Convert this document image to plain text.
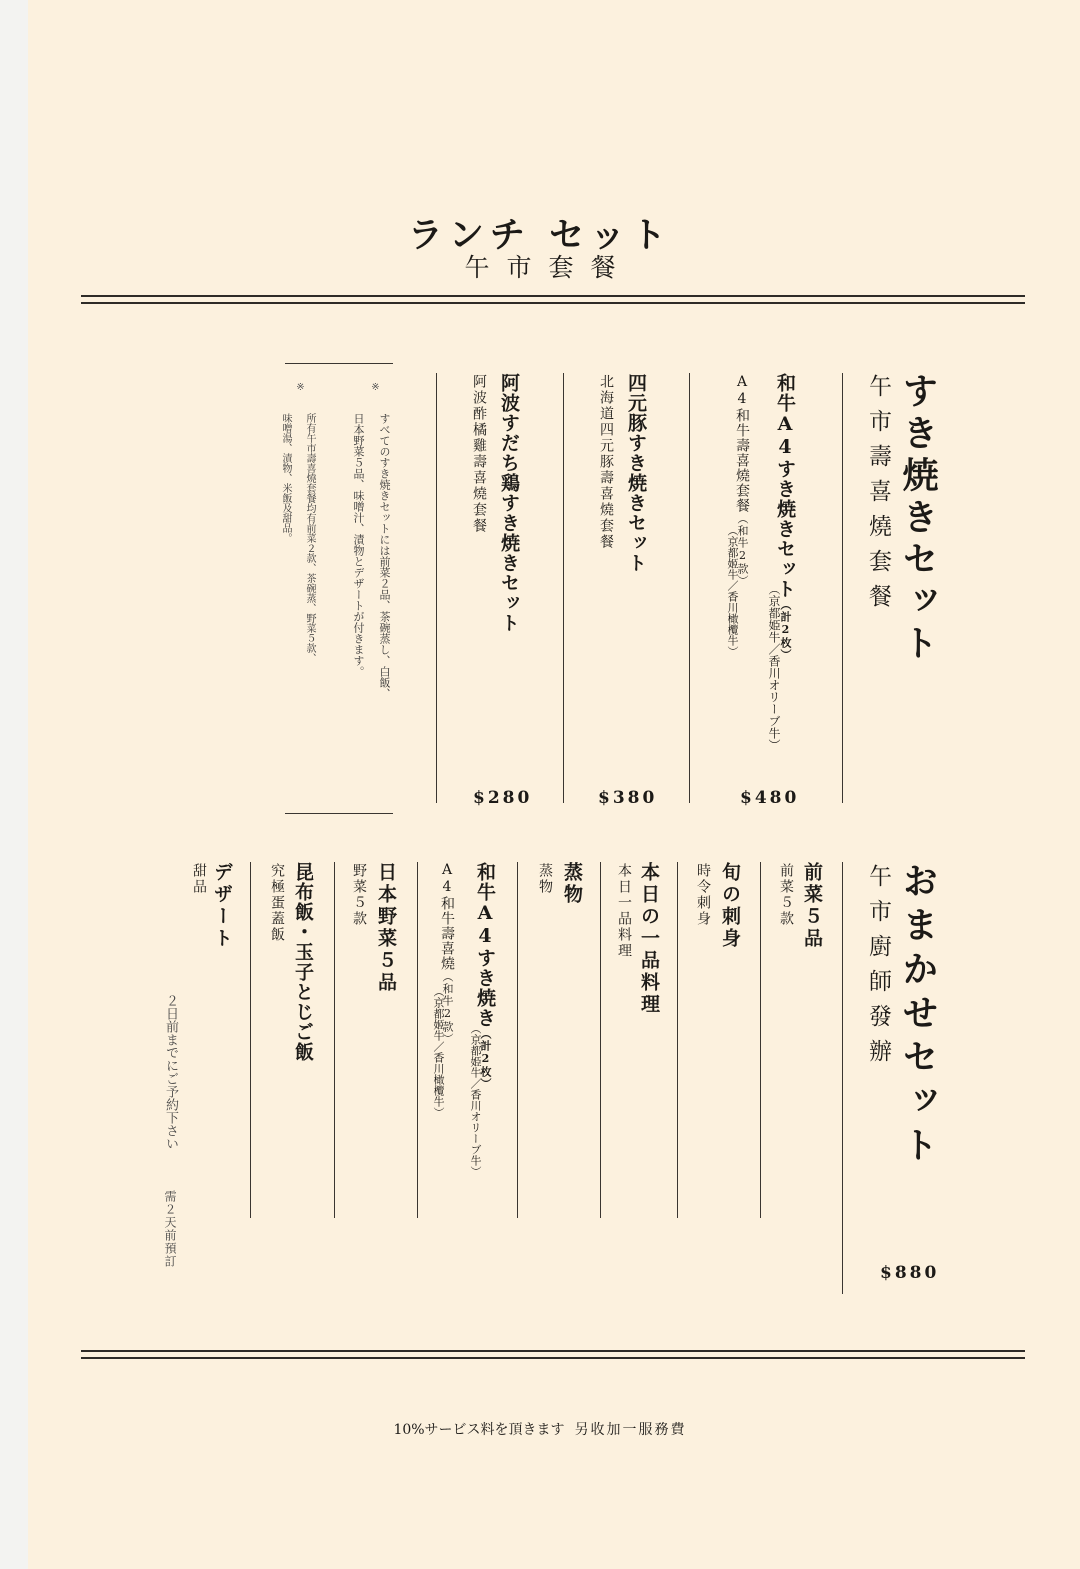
ランチ セット
午市套餐
すき焼きセット
午市壽喜燒套餐
和牛A4すき焼きセット（計2枚）
（京都姫牛／香川オリーブ牛）
A4和牛壽喜燒套餐（和牛2款）
（京都姬牛／香川橄欖牛）
$480
四元豚すき焼きセット
北海道四元豚壽喜燒套餐
$380
阿波すだち鶏すき焼きセット
阿波酢橘雞壽喜燒套餐
$280
※
すべてのすき焼きセットには前菜２品、茶碗蒸し、白飯、
日本野菜５品、味噌汁、漬物とデザートが付きます。
※
所有午市壽喜燒套餐均有前菜２款、茶碗蒸、野菜５款、
味噌湯、漬物、米飯及甜品。
おまかせセット
午市廚師發辦
$880
前菜５品
前菜５款
旬の刺身
時令刺身
本日の一品料理
本日一品料理
蒸物
蒸物
和牛A4すき焼き（計2枚）
（京都姫牛／香川オリーブ牛）
A4和牛壽喜燒（和牛2款）
（京都姬牛／香川橄欖牛）
日本野菜５品
野菜５款
昆布飯・玉子とじご飯
究極蛋蓋飯
デザート
甜品
２日前までにご予約下さい
需２天前預訂
10%サービス料を頂きます 另收加一服務費
